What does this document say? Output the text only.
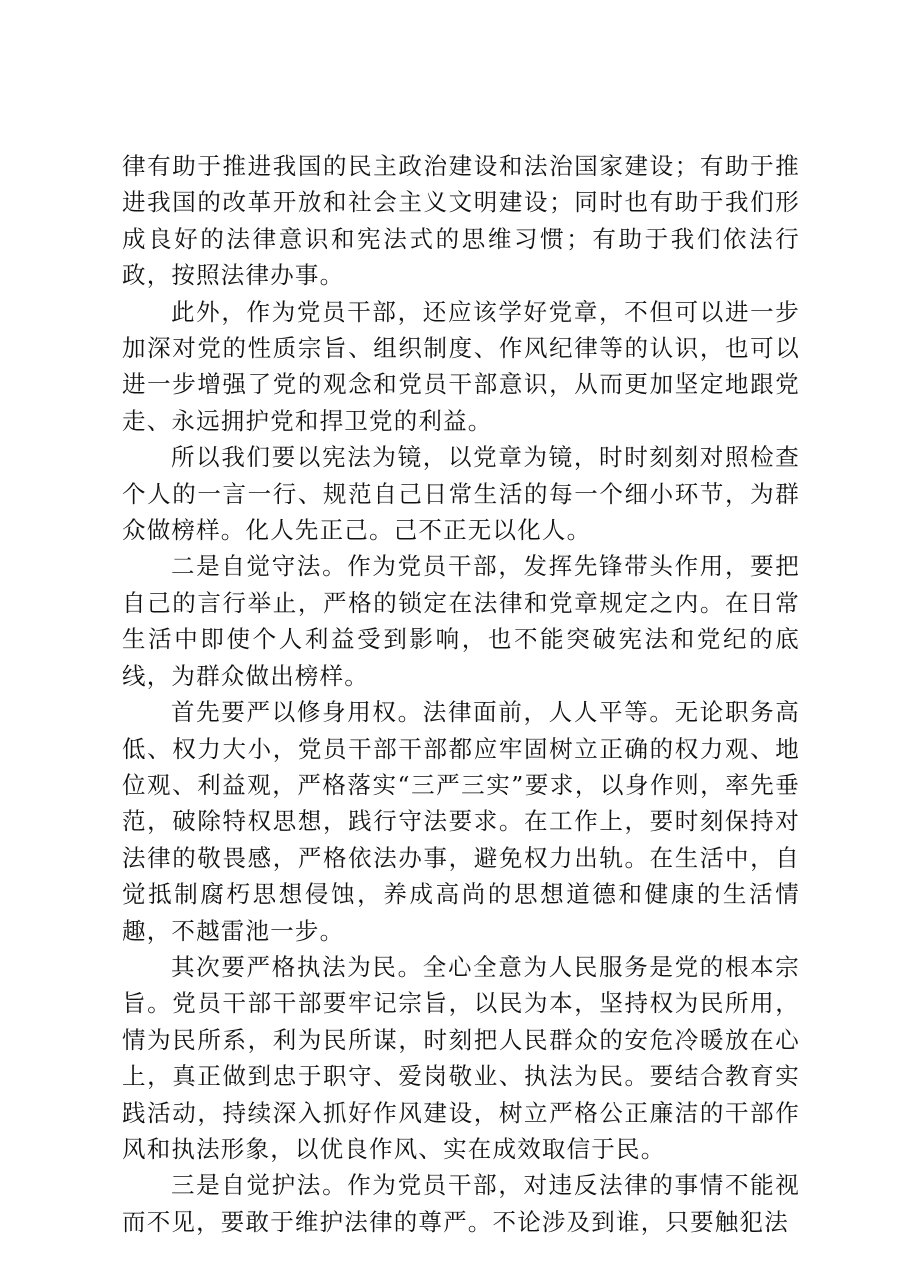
律有助于推进我国的民主政治建设和法治国家建设；有助于推进我国的改革开放和社会主义文明建设；同时也有助于我们形成良好的法律意识和宪法式的思维习惯；有助于我们依法行政，按照法律办事。

此外，作为党员干部，还应该学好党章，不但可以进一步加深对党的性质宗旨、组织制度、作风纪律等的认识，也可以进一步增强了党的观念和党员干部意识，从而更加坚定地跟党走、永远拥护党和捍卫党的利益。

所以我们要以宪法为镜，以党章为镜，时时刻刻对照检查个人的一言一行、规范自己日常生活的每一个细小环节，为群众做榜样。化人先正己。己不正无以化人。

二是自觉守法。作为党员干部，发挥先锋带头作用，要把自己的言行举止，严格的锁定在法律和党章规定之内。在日常生活中即使个人利益受到影响，也不能突破宪法和党纪的底线，为群众做出榜样。

首先要严以修身用权。法律面前，人人平等。无论职务高低、权力大小，党员干部干部都应牢固树立正确的权力观、地位观、利益观，严格落实“三严三实”要求，以身作则，率先垂范，破除特权思想，践行守法要求。在工作上，要时刻保持对法律的敬畏感，严格依法办事，避免权力出轨。在生活中，自觉抵制腐朽思想侵蚀，养成高尚的思想道德和健康的生活情趣，不越雷池一步。

其次要严格执法为民。全心全意为人民服务是党的根本宗旨。党员干部干部要牢记宗旨，以民为本，坚持权为民所用，情为民所系，利为民所谋，时刻把人民群众的安危冷暖放在心上，真正做到忠于职守、爱岗敬业、执法为民。要结合教育实践活动，持续深入抓好作风建设，树立严格公正廉洁的干部作风和执法形象，以优良作风、实在成效取信于民。

三是自觉护法。作为党员干部，对违反法律的事情不能视而不见，要敢于维护法律的尊严。不论涉及到谁，只要触犯法
